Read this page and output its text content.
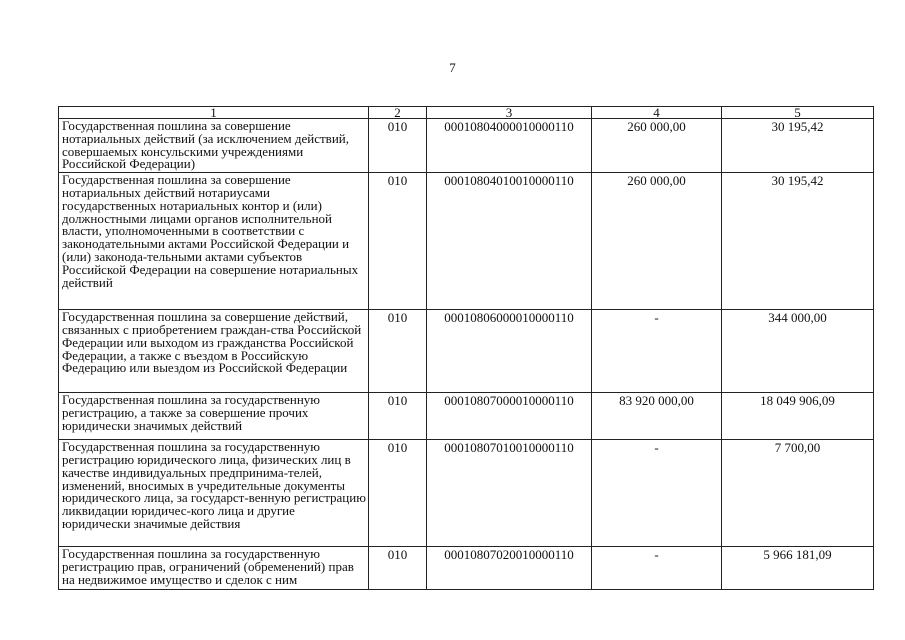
7
1	2	3	4	5
Государственная пошлина за совершение нотариальных действий (за исключением действий, совершаемых консульскими учреждениями Российской Федерации)	010	00010804000010000110	260 000,00	30 195,42
Государственная пошлина за совершение нотариальных действий нотариусами государственных нотариальных контор и (или) должностными лицами органов исполнительной власти, уполномоченными в соответствии с законодательными актами Российской Федерации и (или) законода-тельными актами субъектов Российской Федерации на совершение нотариальных действий	010	00010804010010000110	260 000,00	30 195,42
Государственная пошлина за совершение действий, связанных с приобретением граждан-ства Российской Федерации или выходом из гражданства Российской Федерации, а также с въездом в Российскую Федерацию или выездом из Российской Федерации	010	00010806000010000110	-	344 000,00
Государственная пошлина за государственную регистрацию, а также за совершение прочих юридически значимых действий	010	00010807000010000110	83 920 000,00	18 049 906,09
Государственная пошлина за государственную регистрацию юридического лица, физических лиц в качестве индивидуальных предпринима-телей, изменений, вносимых в учредительные документы юридического лица, за государст-венную регистрацию ликвидации юридичес-кого лица и другие юридически значимые действия	010	00010807010010000110	-	7 700,00
Государственная пошлина за государственную регистрацию прав, ограничений (обременений) прав на недвижимое имущество и сделок с ним	010	00010807020010000110	-	5 966 181,09
